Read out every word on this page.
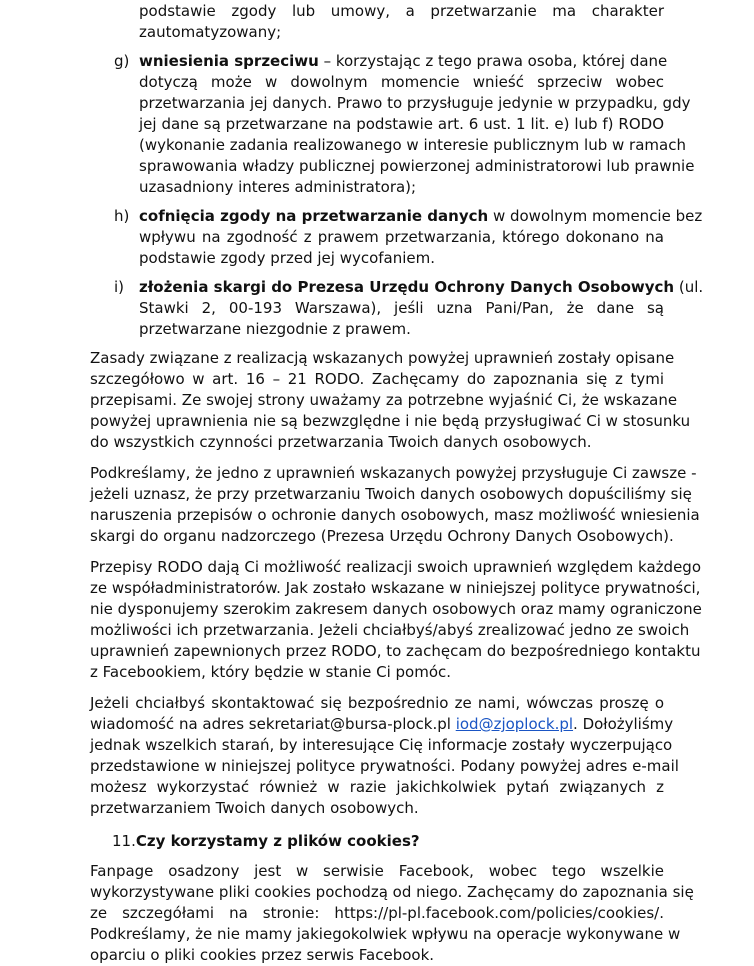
podstawie zgody lub umowy, a przetwarzanie ma charakter
zautomatyzowany;
g) wniesienia sprzeciwu – korzystając z tego prawa osoba, której dane
dotyczą może w dowolnym momencie wnieść sprzeciw wobec
przetwarzania jej danych. Prawo to przysługuje jedynie w przypadku, gdy
jej dane są przetwarzane na podstawie art. 6 ust. 1 lit. e) lub f) RODO
(wykonanie zadania realizowanego w interesie publicznym lub w ramach
sprawowania władzy publicznej powierzonej administratorowi lub prawnie
uzasadniony interes administratora);
h) cofnięcia zgody na przetwarzanie danych w dowolnym momencie bez
wpływu na zgodność z prawem przetwarzania, którego dokonano na
podstawie zgody przed jej wycofaniem.
i) złożenia skargi do Prezesa Urzędu Ochrony Danych Osobowych (ul.
Stawki 2, 00-193 Warszawa), jeśli uzna Pani/Pan, że dane są
przetwarzane niezgodnie z prawem.
Zasady związane z realizacją wskazanych powyżej uprawnień zostały opisane
szczegółowo w art. 16 – 21 RODO. Zachęcamy do zapoznania się z tymi
przepisami. Ze swojej strony uważamy za potrzebne wyjaśnić Ci, że wskazane
powyżej uprawnienia nie są bezwzględne i nie będą przysługiwać Ci w stosunku
do wszystkich czynności przetwarzania Twoich danych osobowych.
Podkreślamy, że jedno z uprawnień wskazanych powyżej przysługuje Ci zawsze -
jeżeli uznasz, że przy przetwarzaniu Twoich danych osobowych dopuściliśmy się
naruszenia przepisów o ochronie danych osobowych, masz możliwość wniesienia
skargi do organu nadzorczego (Prezesa Urzędu Ochrony Danych Osobowych).
Przepisy RODO dają Ci możliwość realizacji swoich uprawnień względem każdego
ze współadministratorów. Jak zostało wskazane w niniejszej polityce prywatności,
nie dysponujemy szerokim zakresem danych osobowych oraz mamy ograniczone
możliwości ich przetwarzania. Jeżeli chciałbyś/abyś zrealizować jedno ze swoich
uprawnień zapewnionych przez RODO, to zachęcam do bezpośredniego kontaktu
z Facebookiem, który będzie w stanie Ci pomóc.
Jeżeli chciałbyś skontaktować się bezpośrednio ze nami, wówczas proszę o
wiadomość na adres sekretariat@bursa-plock.pl iod@zjoplock.pl. Dołożyliśmy
jednak wszelkich starań, by interesujące Cię informacje zostały wyczerpująco
przedstawione w niniejszej polityce prywatności. Podany powyżej adres e-mail
możesz wykorzystać również w razie jakichkolwiek pytań związanych z
przetwarzaniem Twoich danych osobowych.
11.Czy korzystamy z plików cookies?
Fanpage osadzony jest w serwisie Facebook, wobec tego wszelkie
wykorzystywane pliki cookies pochodzą od niego. Zachęcamy do zapoznania się
ze szczegółami na stronie: https://pl-pl.facebook.com/policies/cookies/.
Podkreślamy, że nie mamy jakiegokolwiek wpływu na operacje wykonywane w
oparciu o pliki cookies przez serwis Facebook.
